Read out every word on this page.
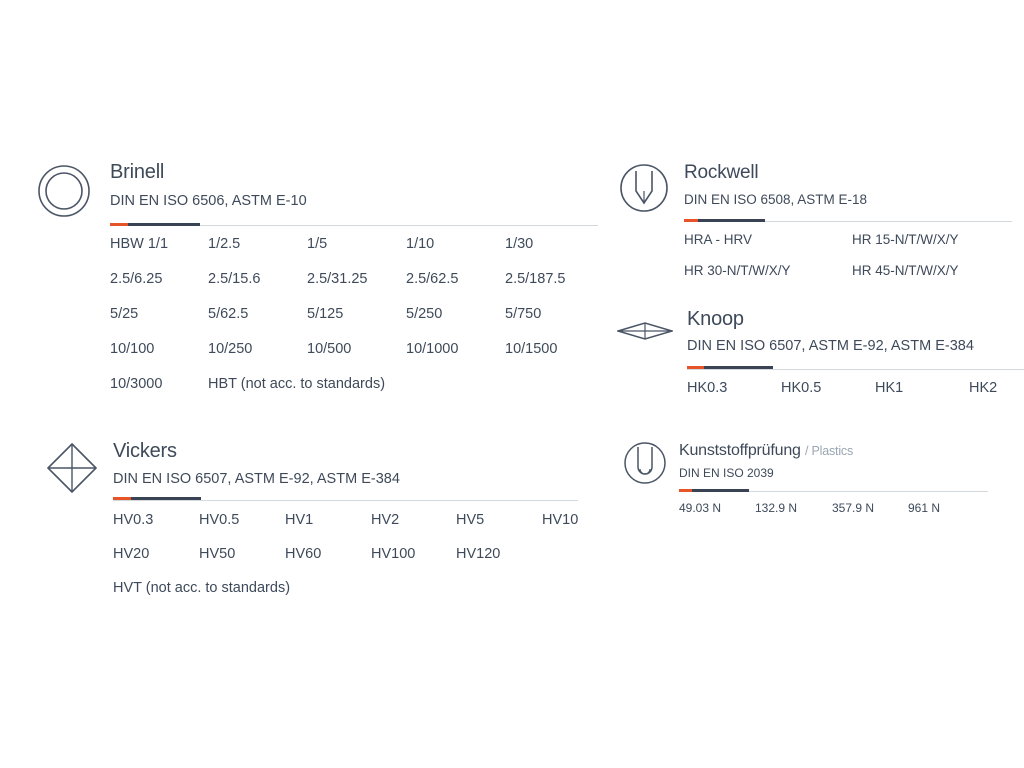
Brinell
DIN EN ISO 6506, ASTM E-10
HBW 1/1	1/2.5	1/5	1/10	1/30
2.5/6.25	2.5/15.6	2.5/31.25	2.5/62.5	2.5/187.5
5/25	5/62.5	5/125	5/250	5/750
10/100	10/250	10/500	10/1000	10/1500
10/3000	HBT (not acc. to standards)
Vickers
DIN EN ISO 6507, ASTM E-92, ASTM E-384
HV0.3	HV0.5	HV1	HV2	HV5	HV10
HV20	HV50	HV60	HV100	HV120
HVT (not acc. to standards)
Rockwell
DIN EN ISO 6508, ASTM E-18
HRA - HRV	HR 15-N/T/W/X/Y
HR 30-N/T/W/X/Y	HR 45-N/T/W/X/Y
Knoop
DIN EN ISO 6507, ASTM E-92, ASTM E-384
HK0.3	HK0.5	HK1	HK2
Kunststoffprüfung / Plastics
DIN EN ISO 2039
49.03 N	132.9 N	357.9 N	961 N
